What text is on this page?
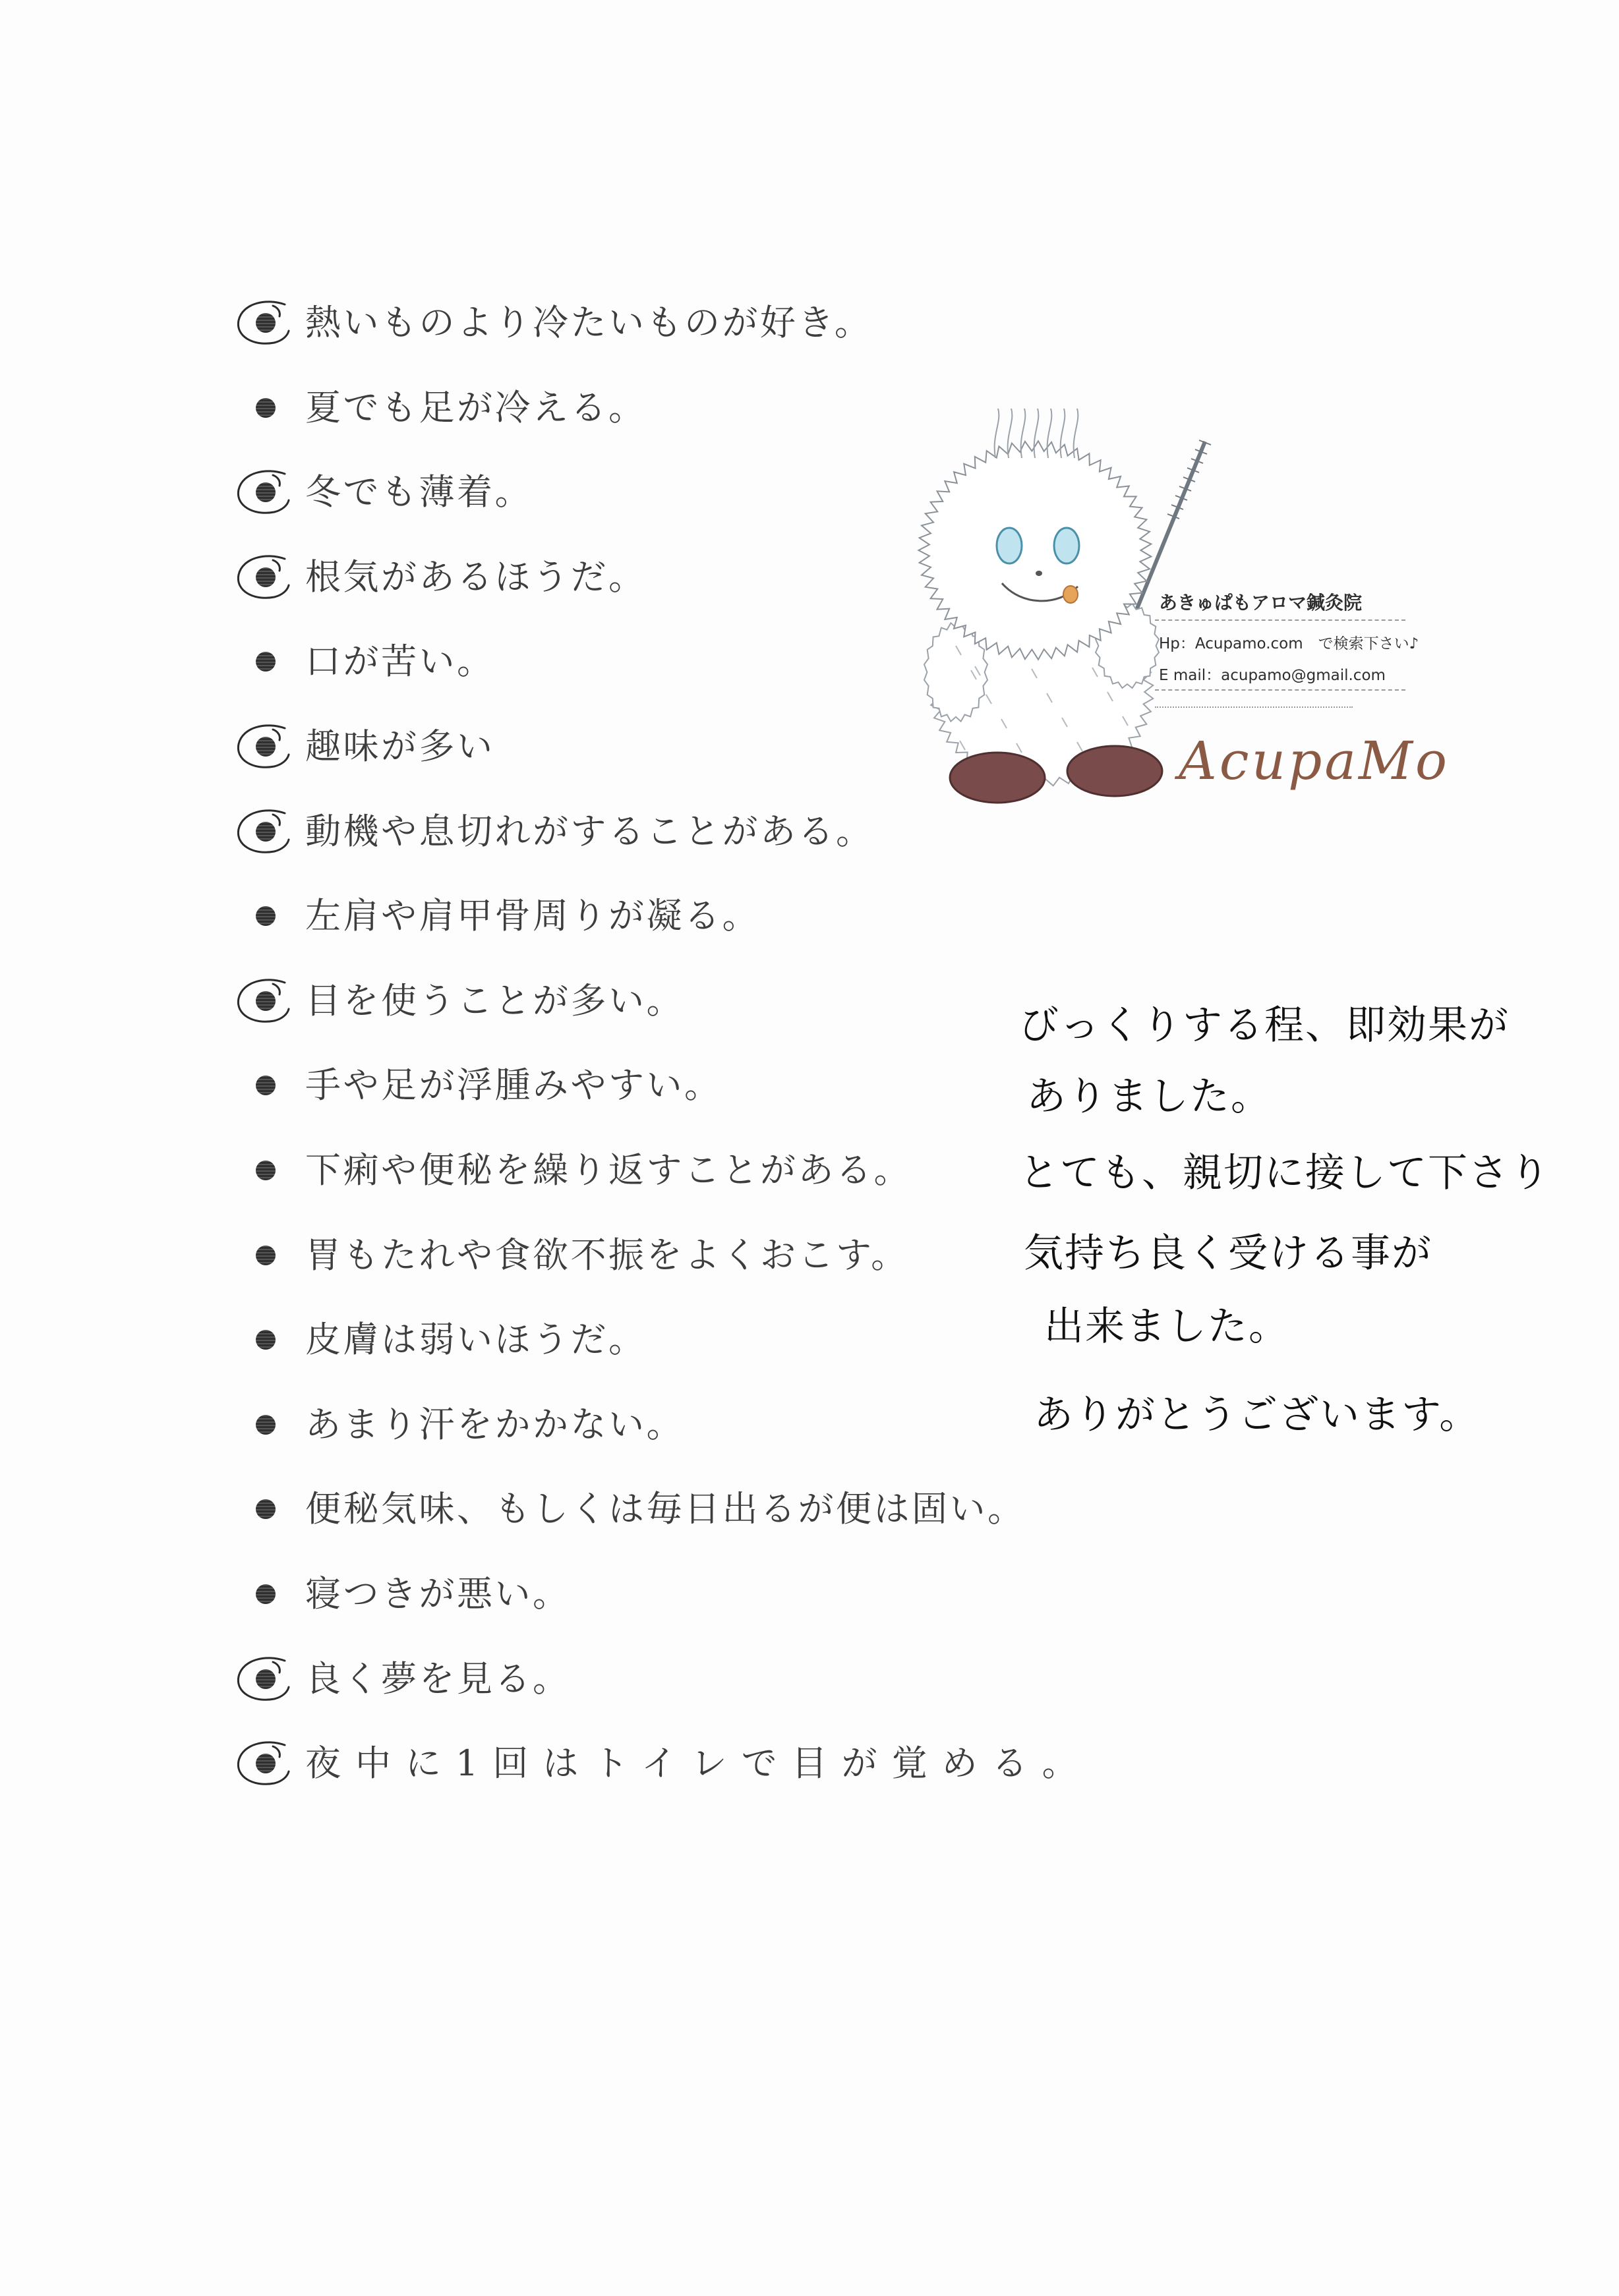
熱いものより冷たいものが好き。
夏でも足が冷える。
冬でも薄着。
根気があるほうだ。
口が苦い。
趣味が多い
動機や息切れがすることがある。
左肩や肩甲骨周りが凝る。
目を使うことが多い。
手や足が浮腫みやすい。
下痢や便秘を繰り返すことがある。
胃もたれや食欲不振をよくおこす。
皮膚は弱いほうだ。
あまり汗をかかない。
便秘気味、もしくは毎日出るが便は固い。
寝つきが悪い。
良く夢を見る。
夜中に1回はトイレで目が覚める。
あきゅぱもアロマ鍼灸院
Hp：Acupamo.com　で検索下さい♪
E mail：acupamo@gmail.com
AcupaMo
びっくりする程、即効果が
ありました。
とても、親切に接して下さり
気持ち良く受ける事が
出来ました。
ありがとうございます。
